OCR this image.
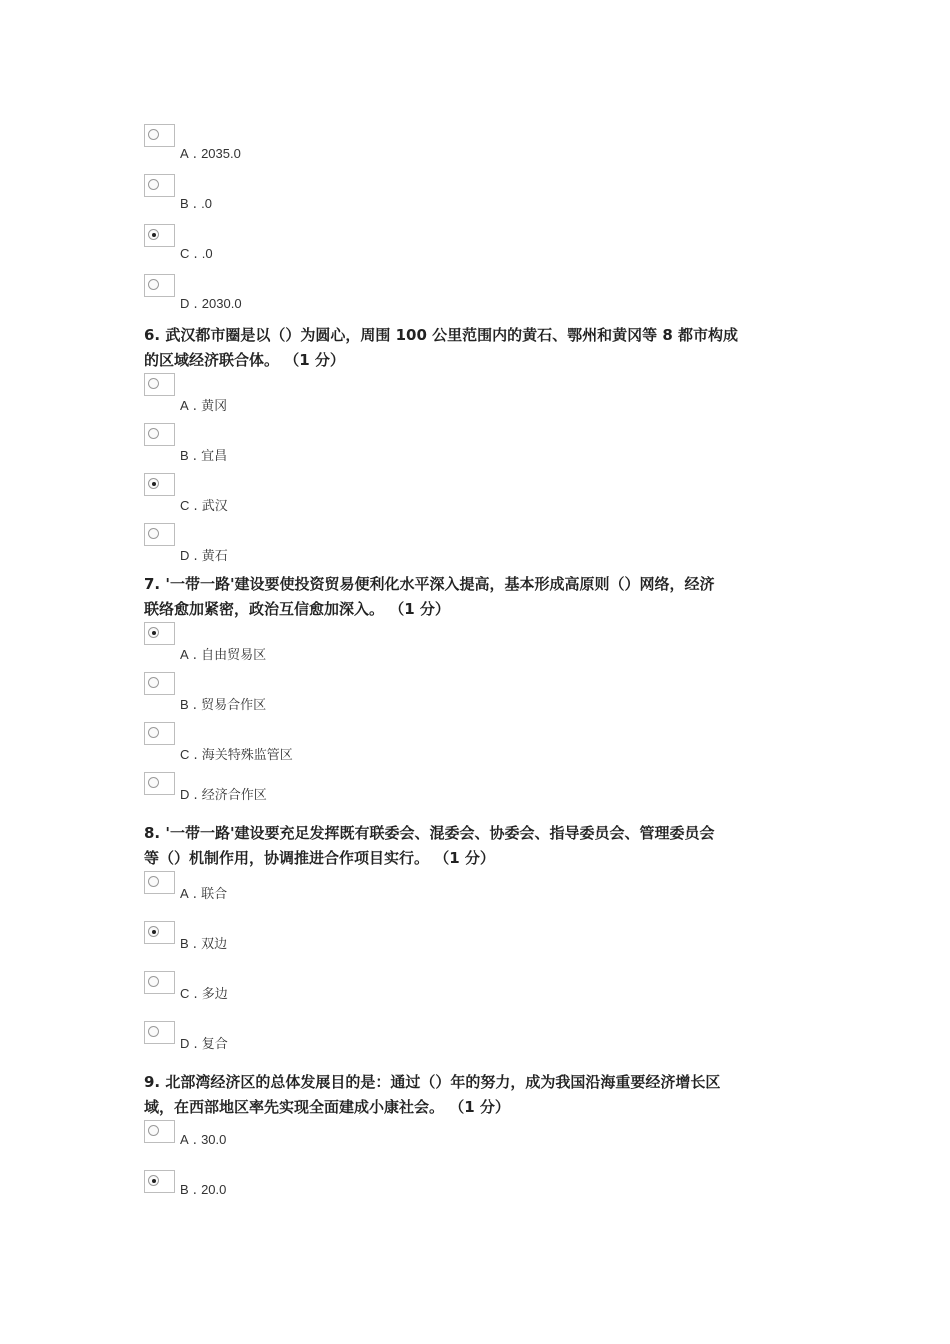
A . 2035.0
B . .0
C . .0
D . 2030.0
6. 武汉都市圈是以（）为圆心，周围 100 公里范围内的黄石、鄂州和黄冈等 8 都市构成
的区域经济联合体。 （1 分）
A . 黄冈
B . 宜昌
C . 武汉
D . 黄石
7. '一带一路'建设要使投资贸易便利化水平深入提高，基本形成高原则（）网络，经济
联络愈加紧密，政治互信愈加深入。 （1 分）
A . 自由贸易区
B . 贸易合作区
C . 海关特殊监管区
D . 经济合作区
8. '一带一路'建设要充足发挥既有联委会、混委会、协委会、指导委员会、管理委员会
等（）机制作用，协调推进合作项目实行。 （1 分）
A . 联合
B . 双边
C . 多边
D . 复合
9. 北部湾经济区的总体发展目的是：通过（）年的努力，成为我国沿海重要经济增长区
域，在西部地区率先实现全面建成小康社会。 （1 分）
A . 30.0
B . 20.0
